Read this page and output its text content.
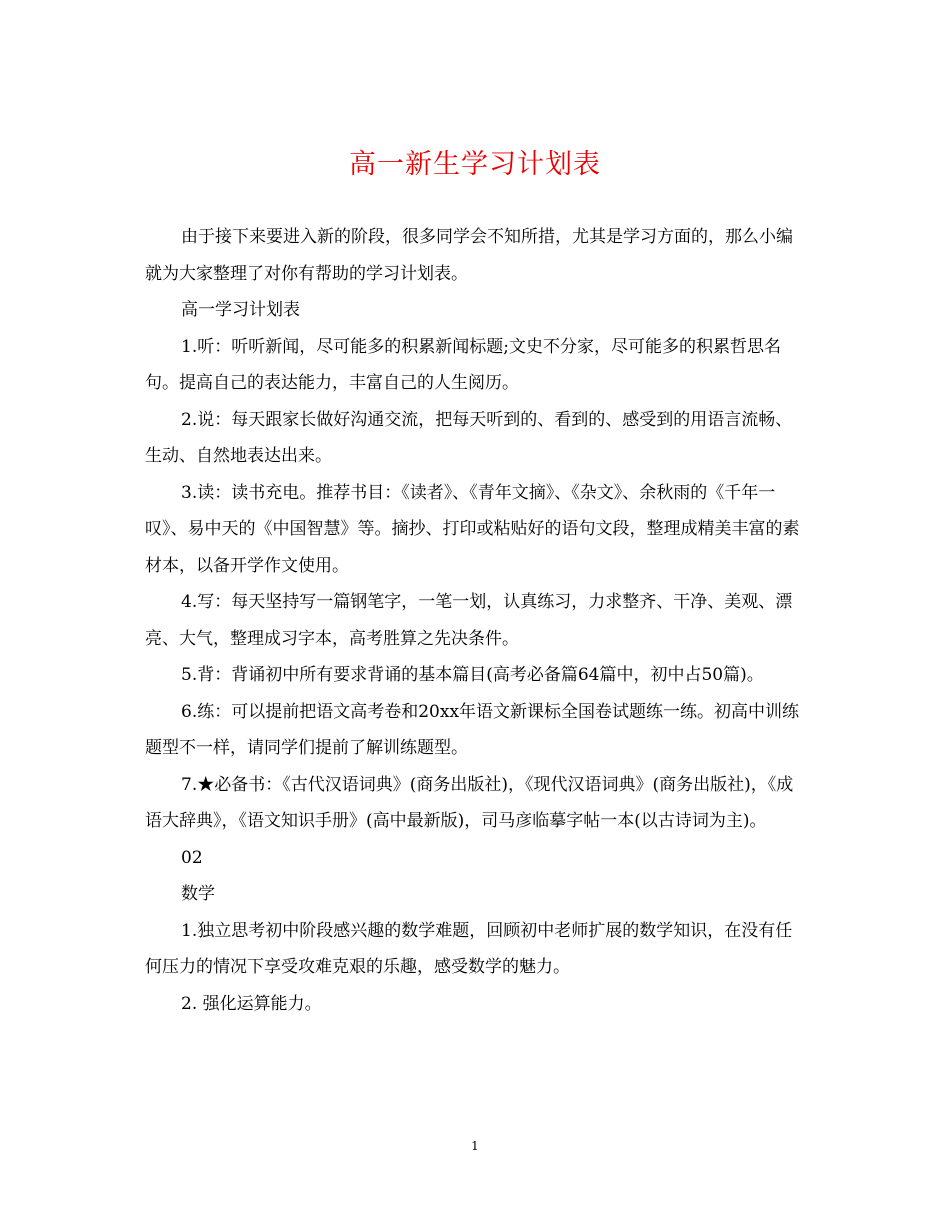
高一新生学习计划表

由于接下来要进入新的阶段，很多同学会不知所措，尤其是学习方面的，那么小编就为大家整理了对你有帮助的学习计划表。

高一学习计划表

1.听：听听新闻，尽可能多的积累新闻标题;文史不分家，尽可能多的积累哲思名句。提高自己的表达能力，丰富自己的人生阅历。

2.说：每天跟家长做好沟通交流，把每天听到的、看到的、感受到的用语言流畅、生动、自然地表达出来。

3.读：读书充电。推荐书目：《读者》、《青年文摘》、《杂文》、余秋雨的《千年一叹》、易中天的《中国智慧》等。摘抄、打印或粘贴好的语句文段，整理成精美丰富的素材本，以备开学作文使用。

4.写：每天坚持写一篇钢笔字，一笔一划，认真练习，力求整齐、干净、美观、漂亮、大气，整理成习字本，高考胜算之先决条件。

5.背：背诵初中所有要求背诵的基本篇目(高考必备篇64篇中，初中占50篇)。

6.练：可以提前把语文高考卷和20xx年语文新课标全国卷试题练一练。初高中训练题型不一样，请同学们提前了解训练题型。

7.★必备书：《古代汉语词典》(商务出版社)，《现代汉语词典》(商务出版社)，《成语大辞典》，《语文知识手册》(高中最新版)，司马彦临摹字帖一本(以古诗词为主)。

02

数学

1.独立思考初中阶段感兴趣的数学难题，回顾初中老师扩展的数学知识，在没有任何压力的情况下享受攻难克艰的乐趣，感受数学的魅力。

2. 强化运算能力。

1
